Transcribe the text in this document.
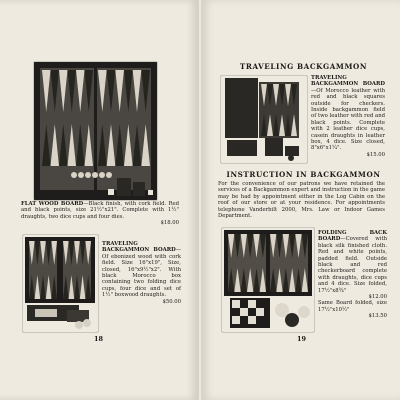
FLAT WOOD BOARD—Black finish, with cork field. Red and black points, size 21½"x21". Complete with 1½" draughts, two dice cups and four dies.
$18.00
TRAVELING BACKGAMMON BOARD—Of ebonized wood with cork field. Size 16"x19", Size, closed, 16"x9½"x2". With black Morocco box containing two folding dice cups, four dice and set of 1½" boxwood draughts.
$50.00
18
TRAVELING BACKGAMMON
TRAVELING BACKGAMMON BOARD—Of Morocco leather with red and black squares outside for checkers. Inside backgammon field of two leather with red and black points. Complete with 2 leather dice cups, casein draughts in leather box, 4 dice. Size closed, 8"x6"x1¼".
$15.00
INSTRUCTION IN BACKGAMMON
For the convenience of our patrons we have retained the services of a Backgammon expert and instruction in the game may be had by appointment either in the Log Cabin on the roof of our store or at your residence. For appointments telephone Vanderbilt 2000, Mrs. Law or Indoor Games Department.
FOLDING BACK BOARD—Covered with black silk finished cloth. Red and white points, padded field. Outside black and red checkerboard complete with draughts, dice cups and 4 dice. Size folded, 17½"x8¾"
$12.00
Same Board folded, size 17½"x10½"
$13.50
19
